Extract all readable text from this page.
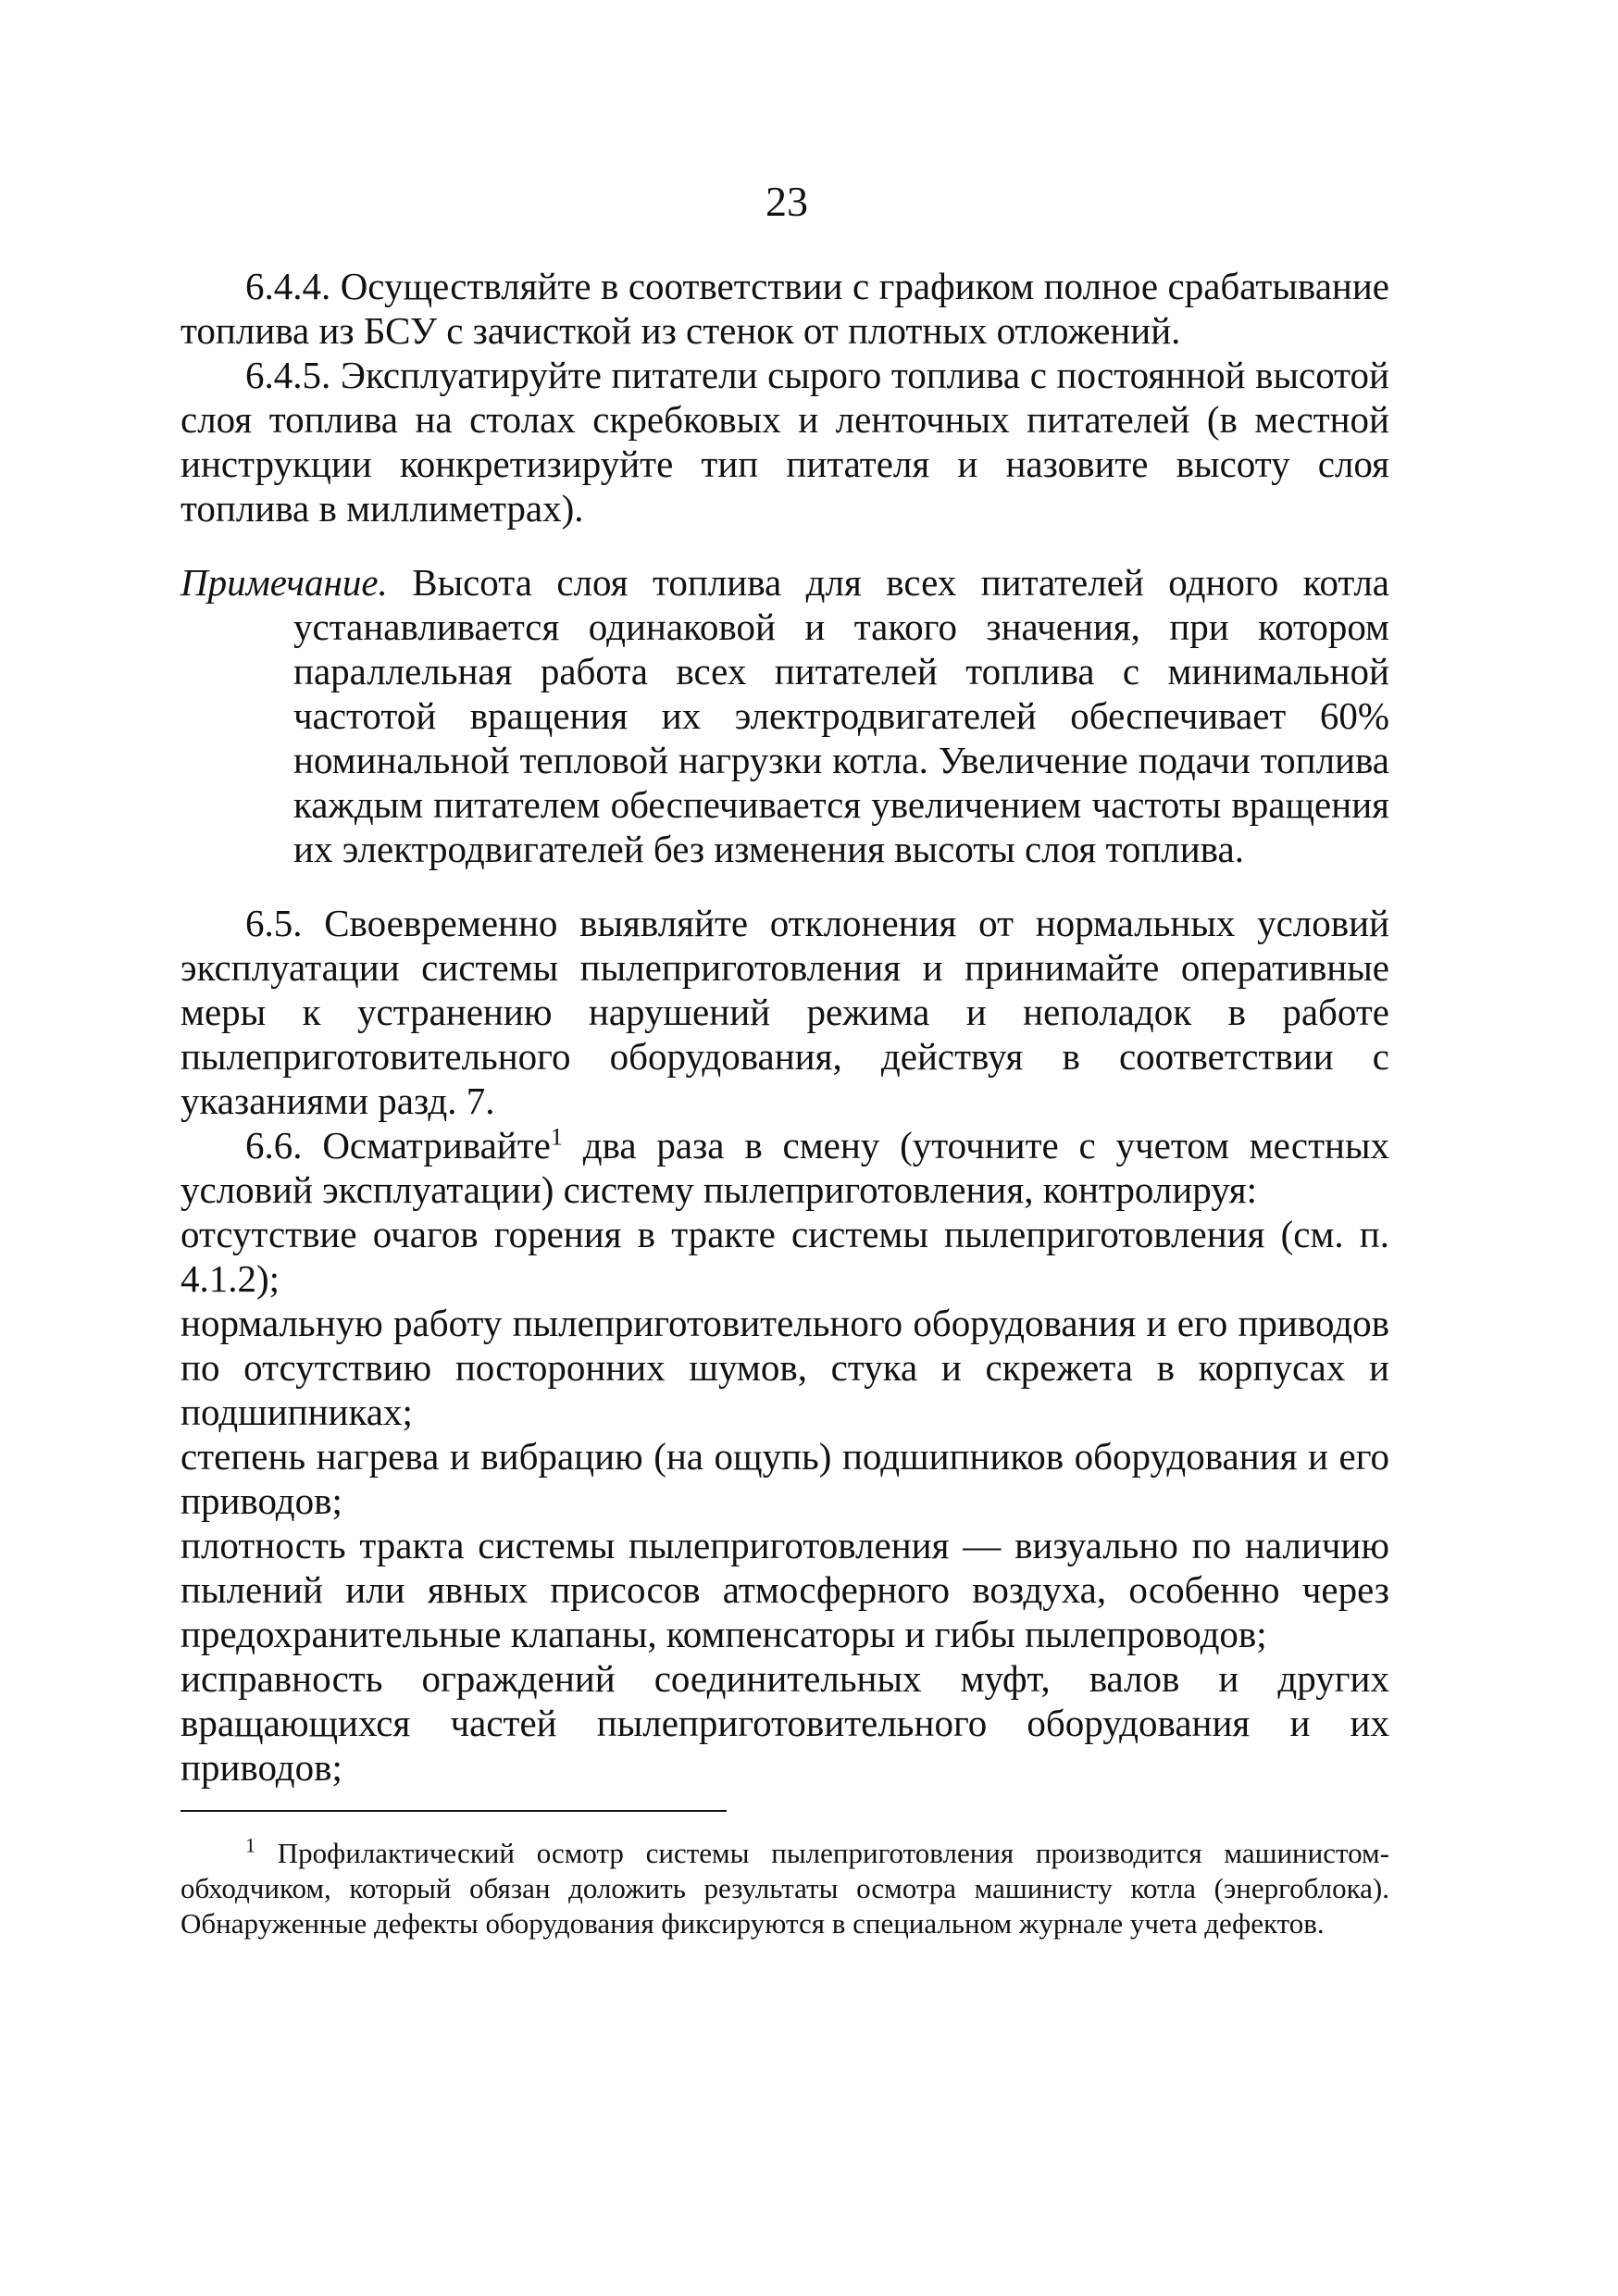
23

6.4.4. Осуществляйте в соответствии с графиком полное срабатывание топлива из БСУ с зачисткой из стенок от плотных отложений.

6.4.5. Эксплуатируйте питатели сырого топлива с постоянной высотой слоя топлива на столах скребковых и ленточных питателей (в местной инструкции конкретизируйте тип питателя и назовите высоту слоя топлива в миллиметрах).

Примечание. Высота слоя топлива для всех питателей одного котла устанавливается одинаковой и такого значения, при котором параллельная работа всех питателей топлива с минимальной частотой вращения их электродвигателей обеспечивает 60% номинальной тепловой нагрузки котла. Увеличение подачи топлива каждым питателем обеспечивается увеличением частоты вращения их электродвигателей без изменения высоты слоя топлива.

6.5. Своевременно выявляйте отклонения от нормальных условий эксплуатации системы пылеприготовления и принимайте оперативные меры к устранению нарушений режима и неполадок в работе пылеприготовительного оборудования, действуя в соответствии с указаниями разд. 7.

6.6. Осматривайте$^1$ два раза в смену (уточните с учетом местных условий эксплуатации) систему пылеприготовления, контролируя:

отсутствие очагов горения в тракте системы пылеприготовления (см. п. 4.1.2);

нормальную работу пылеприготовительного оборудования и его приводов по отсутствию посторонних шумов, стука и скрежета в корпусах и подшипниках;

степень нагрева и вибрацию (на ощупь) подшипников оборудования и его приводов;

плотность тракта системы пылеприготовления — визуально по наличию пылений или явных присосов атмосферного воздуха, особенно через предохранительные клапаны, компенсаторы и гибы пылепроводов;

исправность ограждений соединительных муфт, валов и других вращающихся частей пылеприготовительного оборудования и их приводов;

$^1$ Профилактический осмотр системы пылеприготовления производится машинистом-обходчиком, который обязан доложить результаты осмотра машинисту котла (энергоблока). Обнаруженные дефекты оборудования фиксируются в специальном журнале учета дефектов.
